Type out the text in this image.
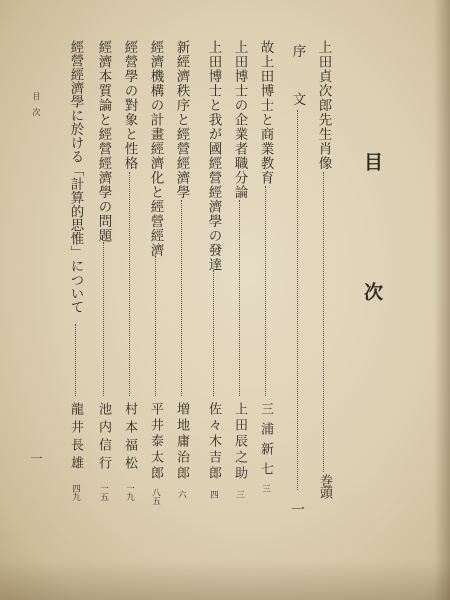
目
次
上田貞次郎先生肖像
巻頭
序
文
一
故上田博士と商業教育
三浦新七
三
上田博士の企業者職分論
上田辰之助
三
上田博士と我が國經營經濟學の發達
佐々木吉郎
四
新經濟秩序と經營經濟學
増地庸治郎
六
經濟機構の計畫經濟化と經營經濟
平井泰太郎
八五
經營學の對象と性格
村本福松
一九
經濟本質論と經營經濟學の問題
池内信行
一五
經營經濟學に於ける「計算的思惟」について
龍井長雄
四九
目　次
一
